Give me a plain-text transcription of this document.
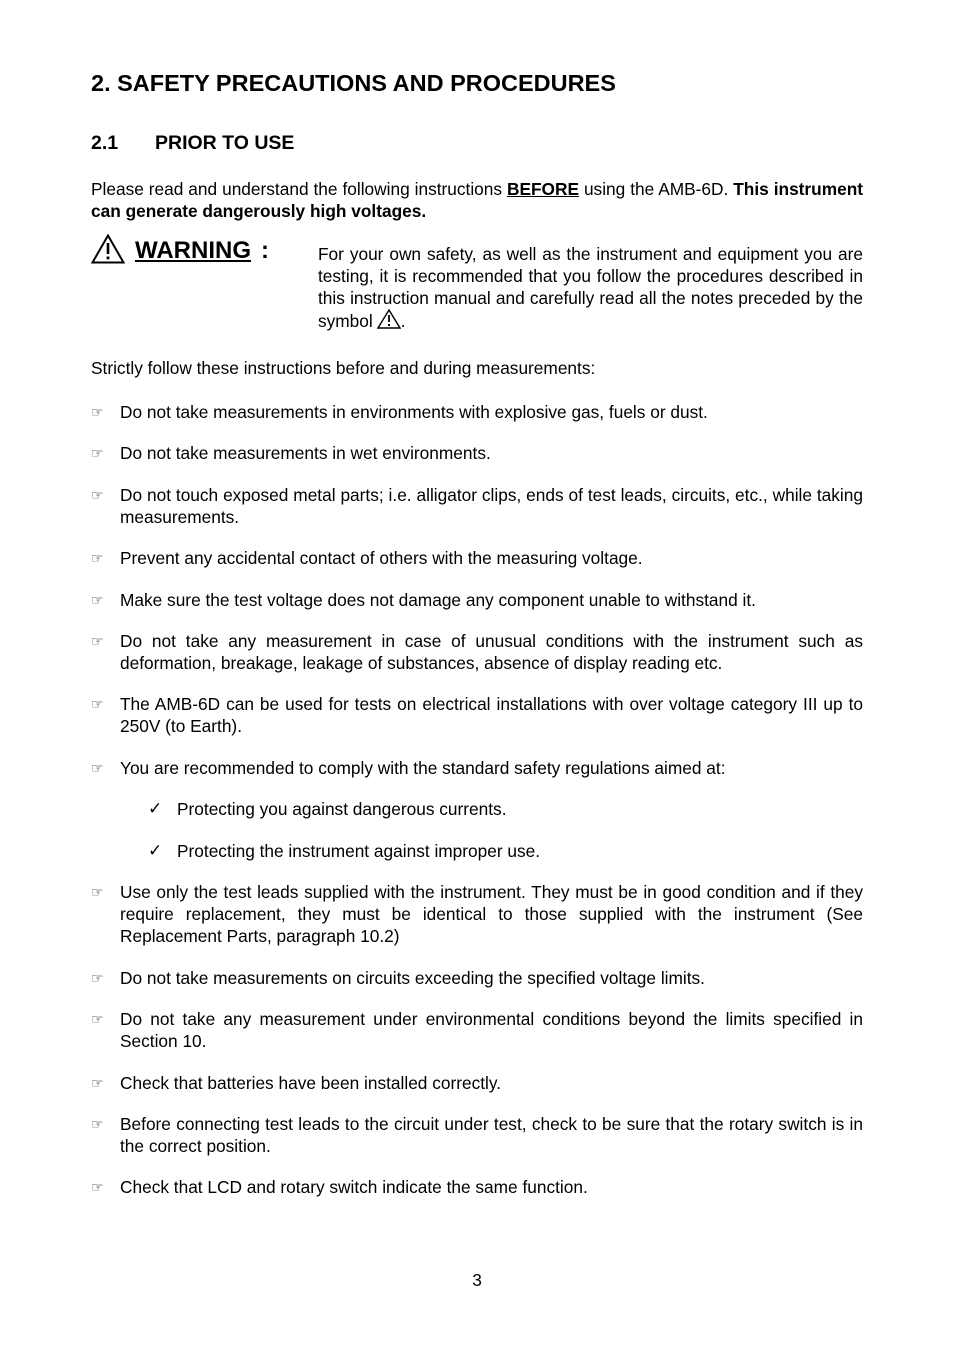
2. SAFETY PRECAUTIONS AND PROCEDURES
2.1 PRIOR TO USE

Please read and understand the following instructions BEFORE using the AMB-6D. This instrument can generate dangerously high voltages.

WARNING :	For your own safety, as well as the instrument and equipment you are testing, it is recommended that you follow the procedures described in this instruction manual and carefully read all the notes preceded by the symbol .

Strictly follow these instructions before and during measurements:

☞ Do not take measurements in environments with explosive gas, fuels or dust.

☞ Do not take measurements in wet environments.

☞ Do not touch exposed metal parts; i.e. alligator clips, ends of test leads, circuits, etc., while taking measurements.

☞ Prevent any accidental contact of others with the measuring voltage.

☞ Make sure the test voltage does not damage any component unable to withstand it.

☞ Do not take any measurement in case of unusual conditions with the instrument such as deformation, breakage, leakage of substances, absence of display reading etc.

☞ The AMB-6D can be used for tests on electrical installations with over voltage category III up to 250V (to Earth).

☞ You are recommended to comply with the standard safety regulations aimed at:

✓ Protecting you against dangerous currents.

✓ Protecting the instrument against improper use.

☞ Use only the test leads supplied with the instrument. They must be in good condition and if they require replacement, they must be identical to those supplied with the instrument (See Replacement Parts, paragraph 10.2)

☞ Do not take measurements on circuits exceeding the specified voltage limits.

☞ Do not take any measurement under environmental conditions beyond the limits specified in Section 10.

☞ Check that batteries have been installed correctly.

☞ Before connecting test leads to the circuit under test, check to be sure that the rotary switch is in the correct position.

☞ Check that LCD and rotary switch indicate the same function.

3
